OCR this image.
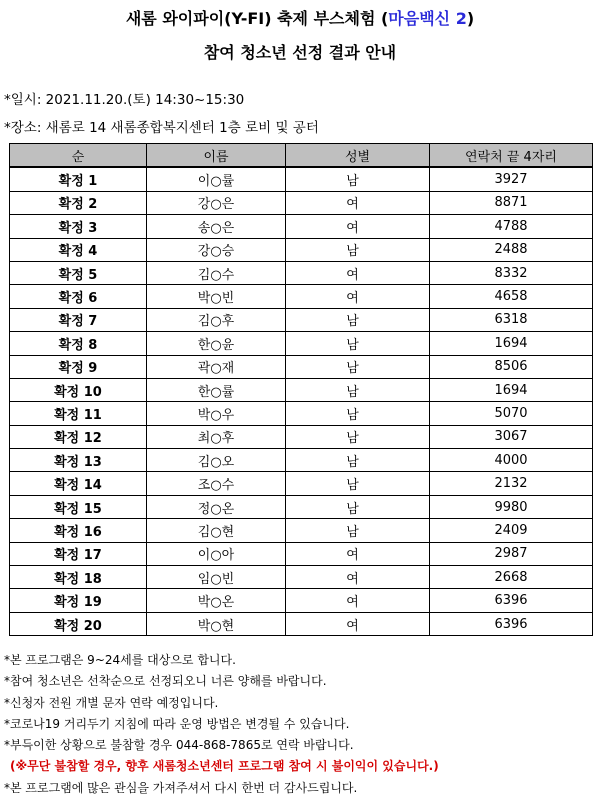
새롬 와이파이(Y-FI) 축제 부스체험 (마음백신 2)
참여 청소년 선정 결과 안내
*일시: 2021.11.20.(토) 14:30~15:30
*장소: 새롬로 14 새롬종합복지센터 1층 로비 및 공터
순	이름	성별	연락처 끝 4자리
확정 1	이○률	남	3927
확정 2	강○은	여	8871
확정 3	송○은	여	4788
확정 4	강○승	남	2488
확정 5	김○수	여	8332
확정 6	박○빈	여	4658
확정 7	김○후	남	6318
확정 8	한○윤	남	1694
확정 9	곽○재	남	8506
확정 10	한○률	남	1694
확정 11	박○우	남	5070
확정 12	최○후	남	3067
확정 13	김○오	남	4000
확정 14	조○수	남	2132
확정 15	정○온	남	9980
확정 16	김○현	남	2409
확정 17	이○아	여	2987
확정 18	임○빈	여	2668
확정 19	박○온	여	6396
확정 20	박○현	여	6396
*본 프로그램은 9~24세를 대상으로 합니다.
*참여 청소년은 선착순으로 선정되오니 너른 양해를 바랍니다.
*신청자 전원 개별 문자 연락 예정입니다.
*코로나19 거리두기 지침에 따라 운영 방법은 변경될 수 있습니다.
*부득이한 상황으로 불참할 경우 044-868-7865로 연락 바랍니다.
(※무단 불참할 경우, 향후 새롬청소년센터 프로그램 참여 시 불이익이 있습니다.)
*본 프로그램에 많은 관심을 가져주셔서 다시 한번 더 감사드립니다.
